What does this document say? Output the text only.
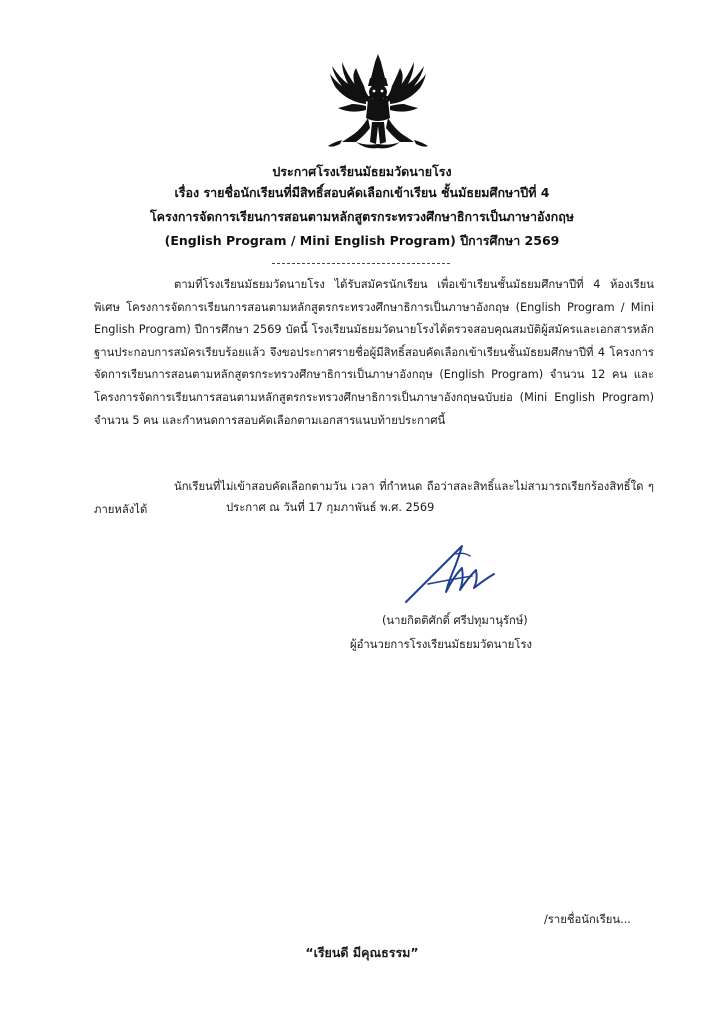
ประกาศโรงเรียนมัธยมวัดนายโรง
เรื่อง รายชื่อนักเรียนที่มีสิทธิ์สอบคัดเลือกเข้าเรียน ชั้นมัธยมศึกษาปีที่ 4
โครงการจัดการเรียนการสอนตามหลักสูตรกระทรวงศึกษาธิการเป็นภาษาอังกฤษ
(English Program / Mini English Program) ปีการศึกษา 2569
ตามที่โรงเรียนมัธยมวัดนายโรง ได้รับสมัครนักเรียน เพื่อเข้าเรียนชั้นมัธยมศึกษาปีที่ 4 ห้องเรียนพิเศษ โครงการจัดการเรียนการสอนตามหลักสูตรกระทรวงศึกษาธิการเป็นภาษาอังกฤษ (English Program / Mini English Program) ปีการศึกษา 2569 บัดนี้ โรงเรียนมัธยมวัดนายโรงได้ตรวจสอบคุณสมบัติผู้สมัครและเอกสารหลักฐานประกอบการสมัครเรียบร้อยแล้ว จึงขอประกาศรายชื่อผู้มีสิทธิ์สอบคัดเลือกเข้าเรียนชั้นมัธยมศึกษาปีที่ 4 โครงการจัดการเรียนการสอนตามหลักสูตรกระทรวงศึกษาธิการเป็นภาษาอังกฤษ (English Program) จำนวน 12 คน และโครงการจัดการเรียนการสอนตามหลักสูตรกระทรวงศึกษาธิการเป็นภาษาอังกฤษฉบับย่อ (Mini English Program) จำนวน 5 คน และกำหนดการสอบคัดเลือกตามเอกสารแนบท้ายประกาศนี้
นักเรียนที่ไม่เข้าสอบคัดเลือกตามวัน เวลา ที่กำหนด ถือว่าสละสิทธิ์และไม่สามารถเรียกร้องสิทธิ์ใด ๆ ภายหลังได้	ประกาศ ณ วันที่ 17 กุมภาพันธ์ พ.ศ. 2569
(นายกิตติศักดิ์ ศรีปทุมานุรักษ์)
ผู้อำนวยการโรงเรียนมัธยมวัดนายโรง
/รายชื่อนักเรียน...
“เรียนดี มีคุณธรรม”
